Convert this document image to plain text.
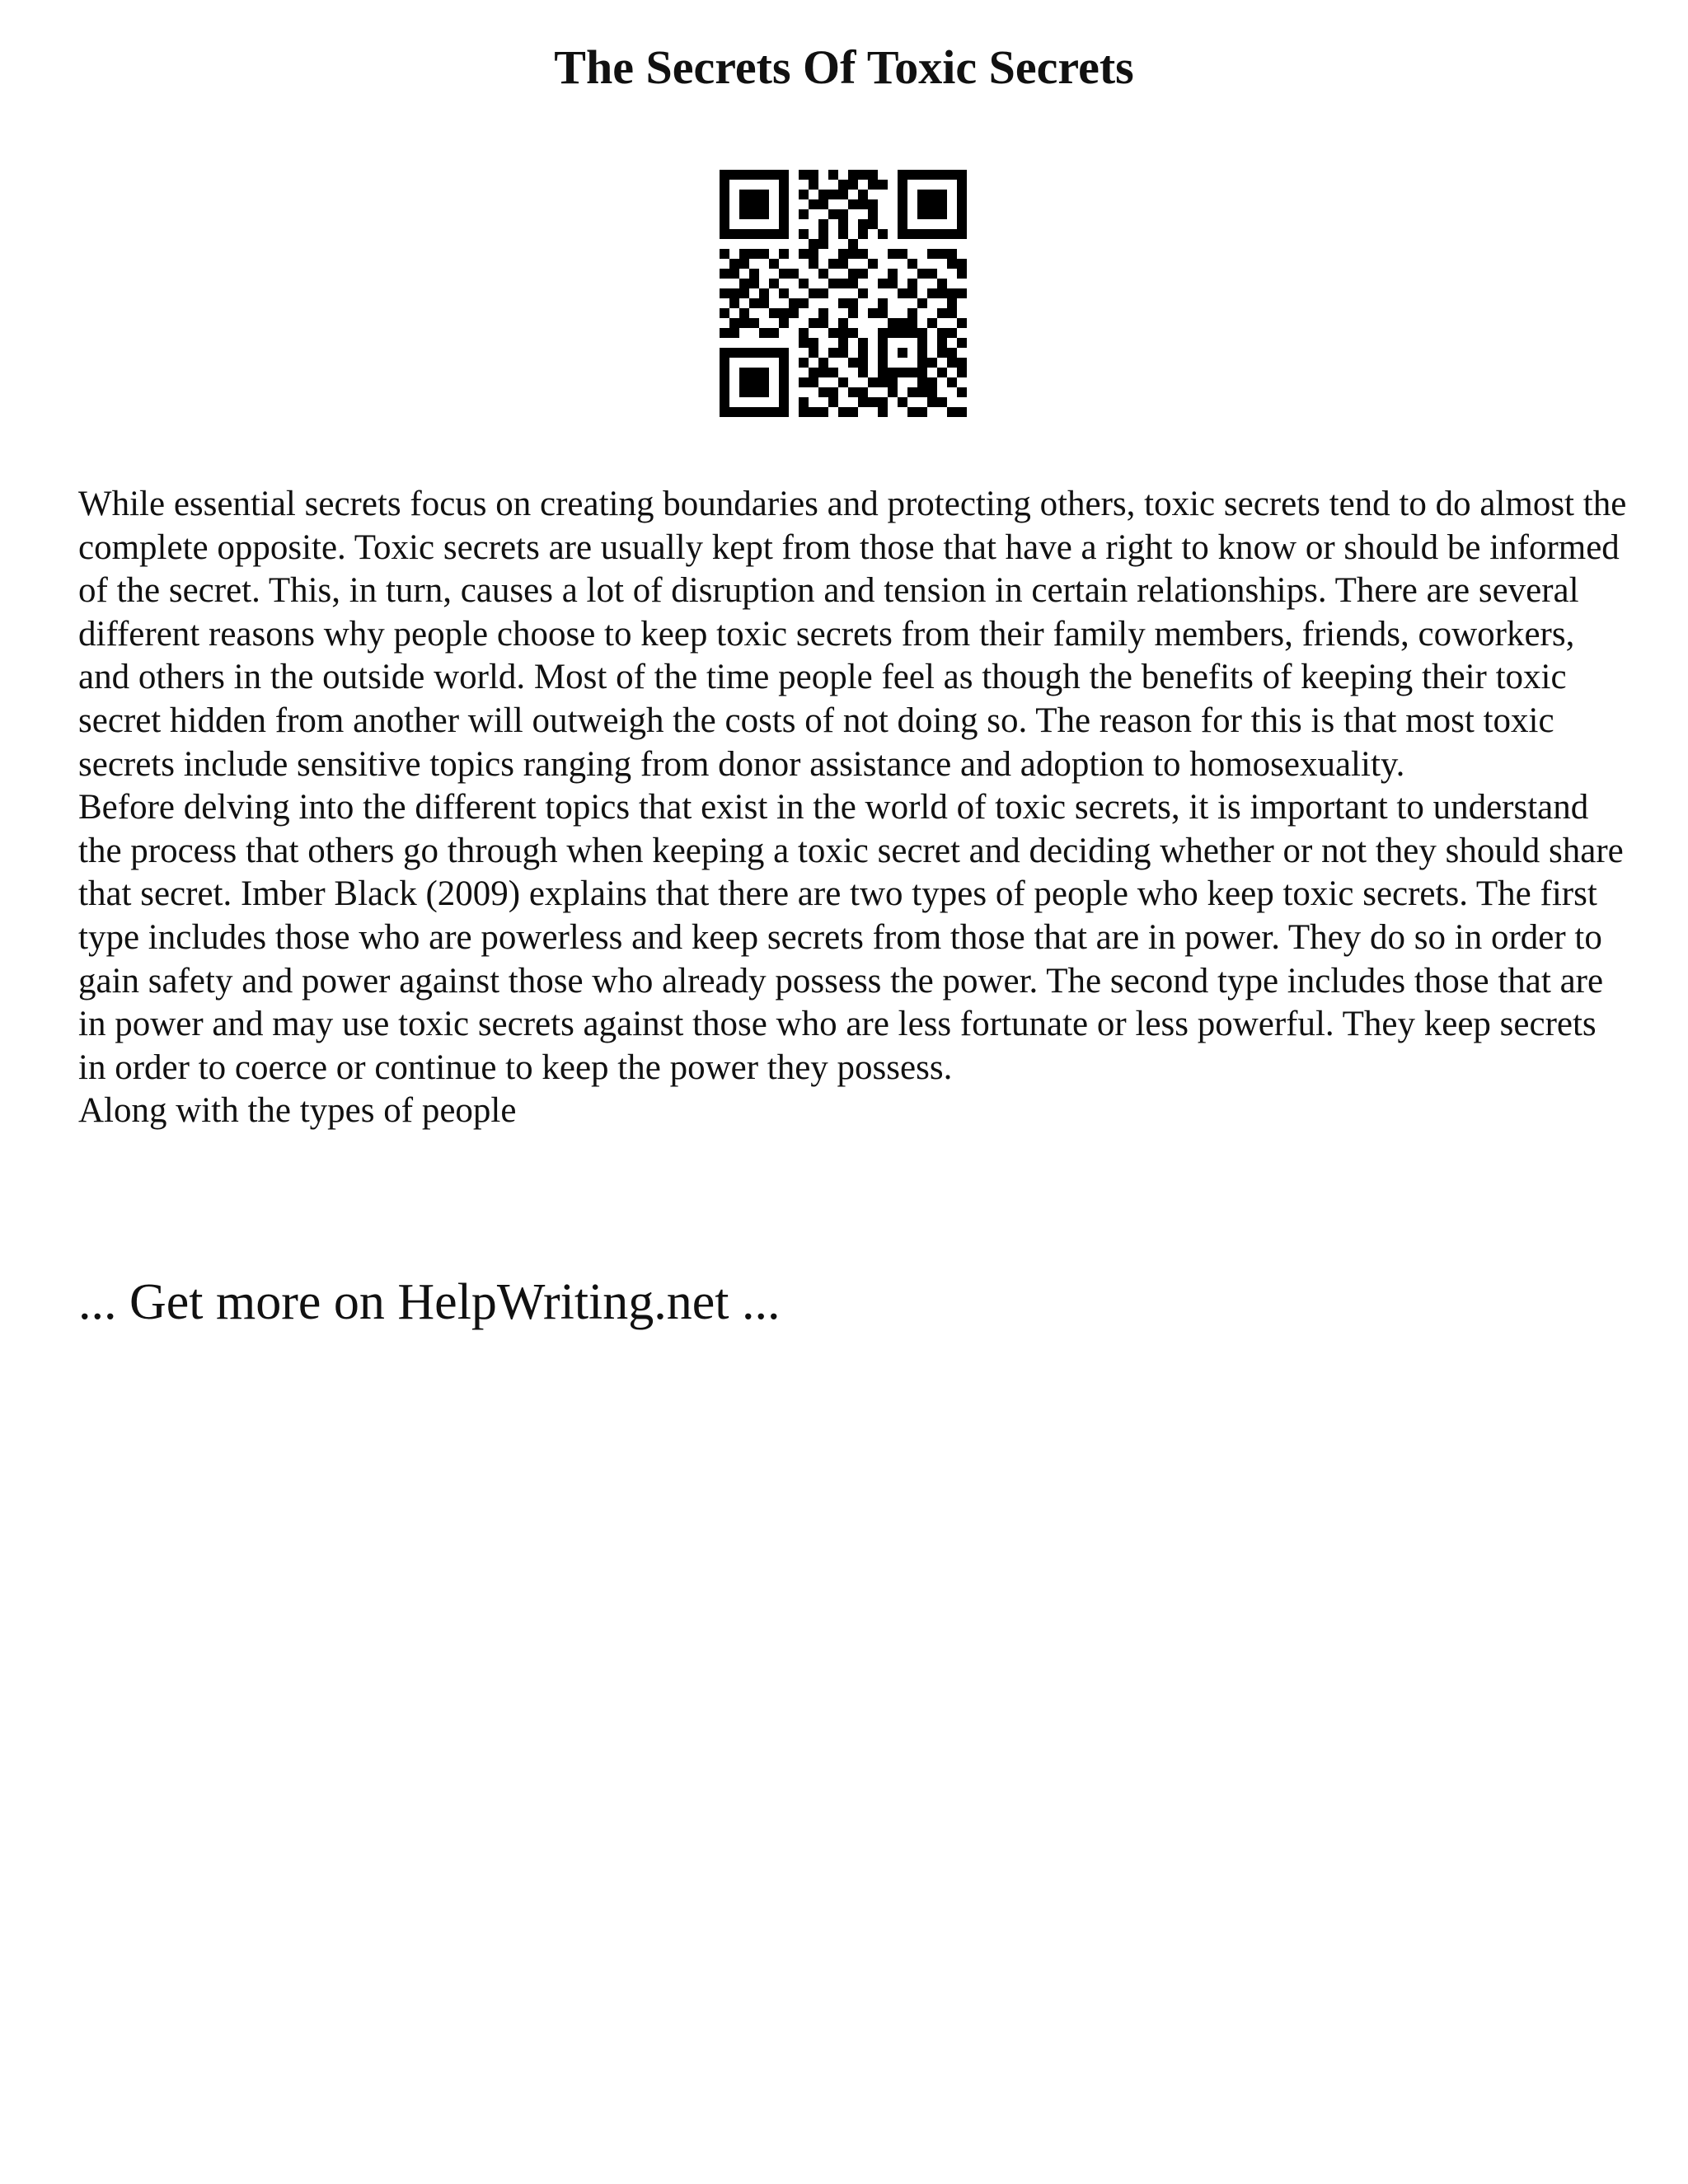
The Secrets Of Toxic Secrets

While essential secrets focus on creating boundaries and protecting others, toxic secrets tend to do almost the complete opposite. Toxic secrets are usually kept from those that have a right to know or should be informed of the secret. This, in turn, causes a lot of disruption and tension in certain relationships. There are several different reasons why people choose to keep toxic secrets from their family members, friends, coworkers, and others in the outside world. Most of the time people feel as though the benefits of keeping their toxic secret hidden from another will outweigh the costs of not doing so. The reason for this is that most toxic secrets include sensitive topics ranging from donor assistance and adoption to homosexuality.

Before delving into the different topics that exist in the world of toxic secrets, it is important to understand the process that others go through when keeping a toxic secret and deciding whether or not they should share that secret. Imber Black (2009) explains that there are two types of people who keep toxic secrets. The first type includes those who are powerless and keep secrets from those that are in power. They do so in order to gain safety and power against those who already possess the power. The second type includes those that are in power and may use toxic secrets against those who are less fortunate or less powerful. They keep secrets in order to coerce or continue to keep the power they possess.

Along with the types of people

... Get more on HelpWriting.net ...
